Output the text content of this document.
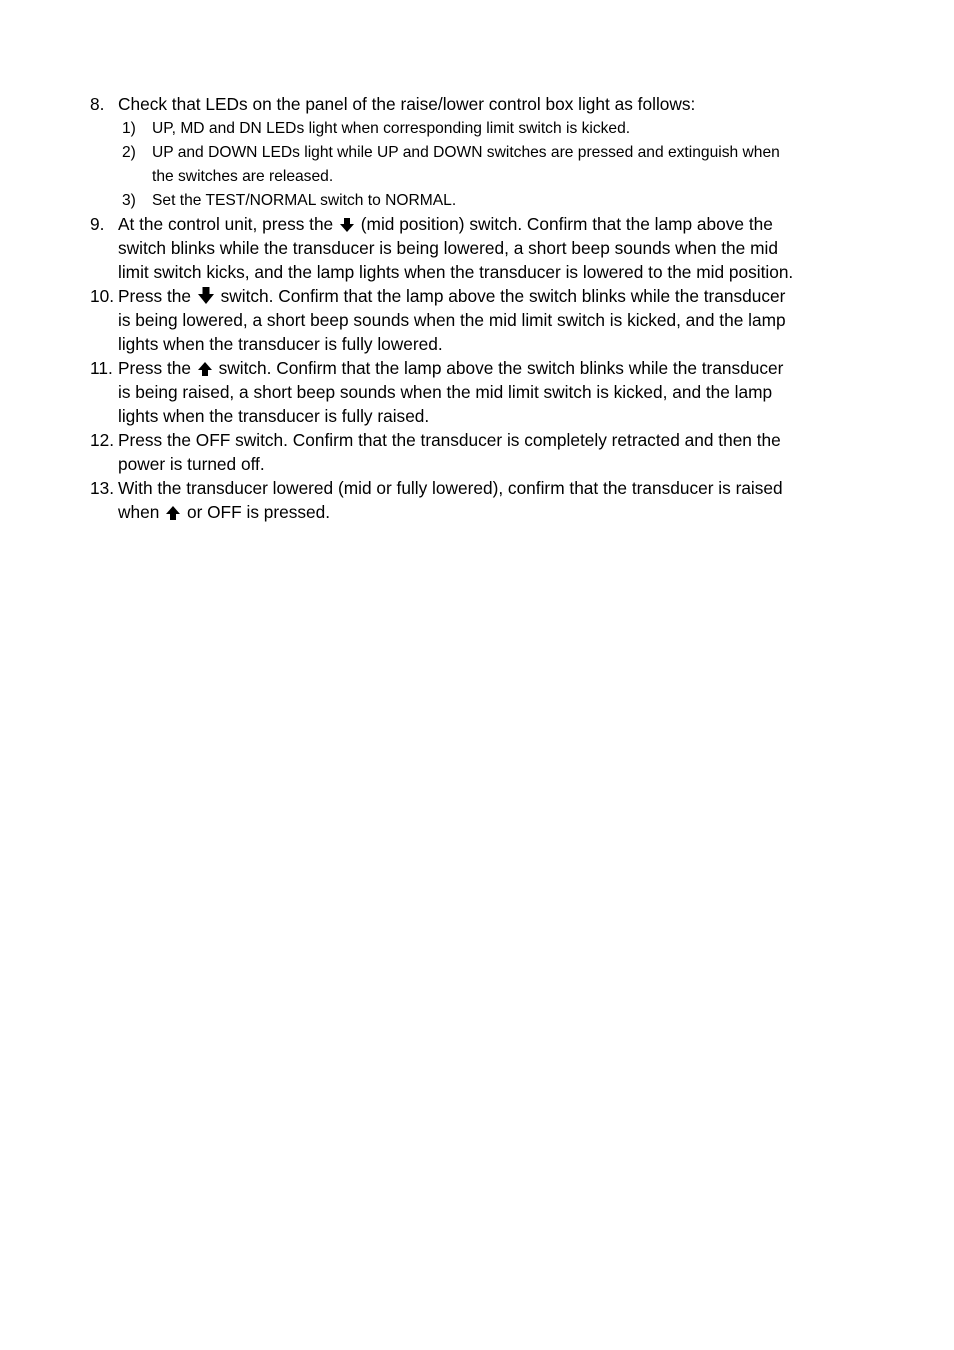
8. Check that LEDs on the panel of the raise/lower control box light as follows:
1) UP, MD and DN LEDs light when corresponding limit switch is kicked.
2) UP and DOWN LEDs light while UP and DOWN switches are pressed and extinguish when
the switches are released.
3) Set the TEST/NORMAL switch to NORMAL.
9. At the control unit, press the (mid position) switch. Confirm that the lamp above the
switch blinks while the transducer is being lowered, a short beep sounds when the mid
limit switch kicks, and the lamp lights when the transducer is lowered to the mid position.
10. Press the switch. Confirm that the lamp above the switch blinks while the transducer
is being lowered, a short beep sounds when the mid limit switch is kicked, and the lamp
lights when the transducer is fully lowered.
11. Press the switch. Confirm that the lamp above the switch blinks while the transducer
is being raised, a short beep sounds when the mid limit switch is kicked, and the lamp
lights when the transducer is fully raised.
12. Press the OFF switch. Confirm that the transducer is completely retracted and then the
power is turned off.
13. With the transducer lowered (mid or fully lowered), confirm that the transducer is raised
when or OFF is pressed.
